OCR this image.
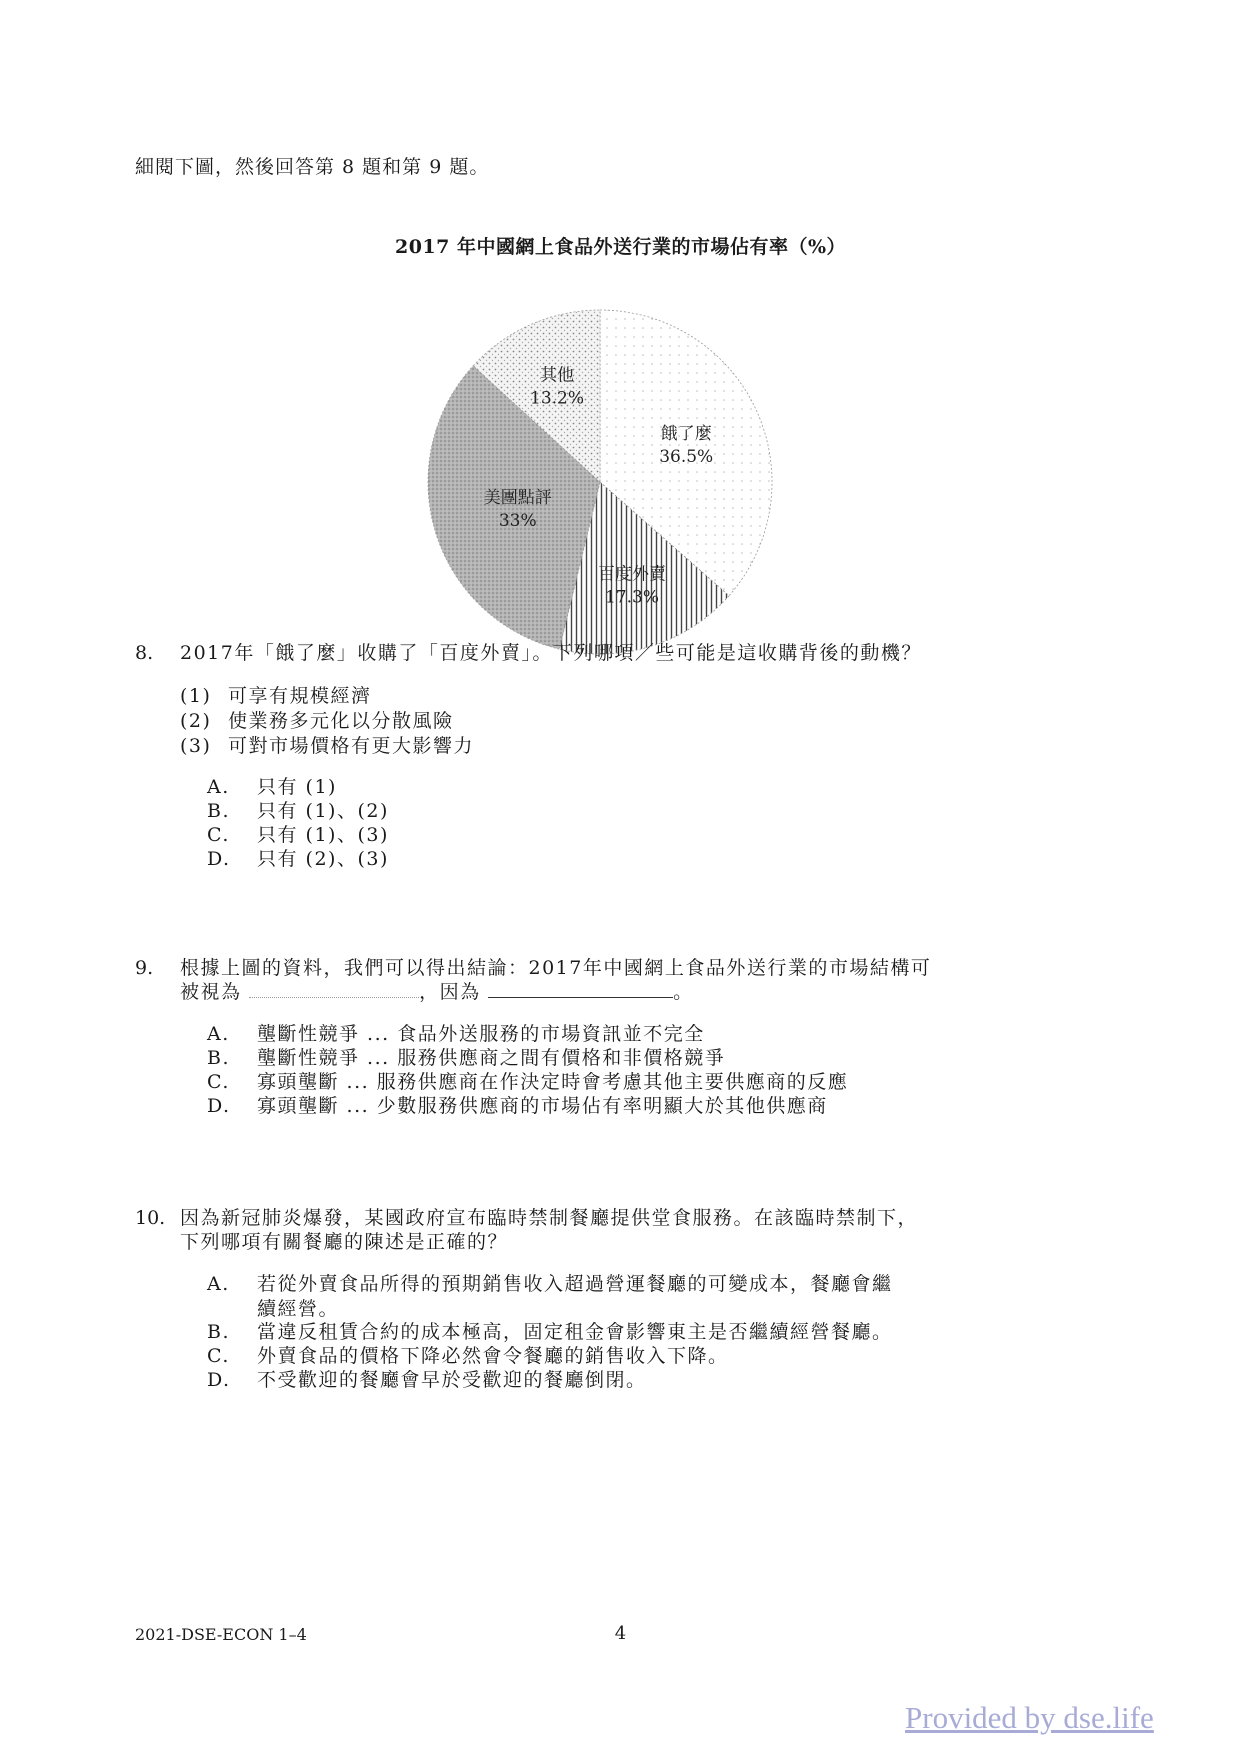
細閱下圖，然後回答第 8 題和第 9 題。
2017 年中國網上食品外送行業的市場佔有率（%）
餓了麼
36.5%
百度外賣
17.3%
美團點評
33%
其他
13.2%
8. 2017年「餓了麼」收購了「百度外賣」。下列哪項／些可能是這收購背後的動機？
(1) 可享有規模經濟
(2) 使業務多元化以分散風險
(3) 可對市場價格有更大影響力
A. 只有 (1)
B. 只有 (1)、(2)
C. 只有 (1)、(3)
D. 只有 (2)、(3)
9. 根據上圖的資料，我們可以得出結論：2017年中國網上食品外送行業的市場結構可
被視為	，因為	。
A. 壟斷性競爭 ... 食品外送服務的市場資訊並不完全
B. 壟斷性競爭 ... 服務供應商之間有價格和非價格競爭
C. 寡頭壟斷 ... 服務供應商在作決定時會考慮其他主要供應商的反應
D. 寡頭壟斷 ... 少數服務供應商的市場佔有率明顯大於其他供應商
10. 因為新冠肺炎爆發，某國政府宣布臨時禁制餐廳提供堂食服務。在該臨時禁制下，
下列哪項有關餐廳的陳述是正確的？
A. 若從外賣食品所得的預期銷售收入超過營運餐廳的可變成本，餐廳會繼
續經營。
B. 當違反租賃合約的成本極高，固定租金會影響東主是否繼續經營餐廳。
C. 外賣食品的價格下降必然會令餐廳的銷售收入下降。
D. 不受歡迎的餐廳會早於受歡迎的餐廳倒閉。
2021-DSE-ECON 1–4	4
Provided by dse.life
